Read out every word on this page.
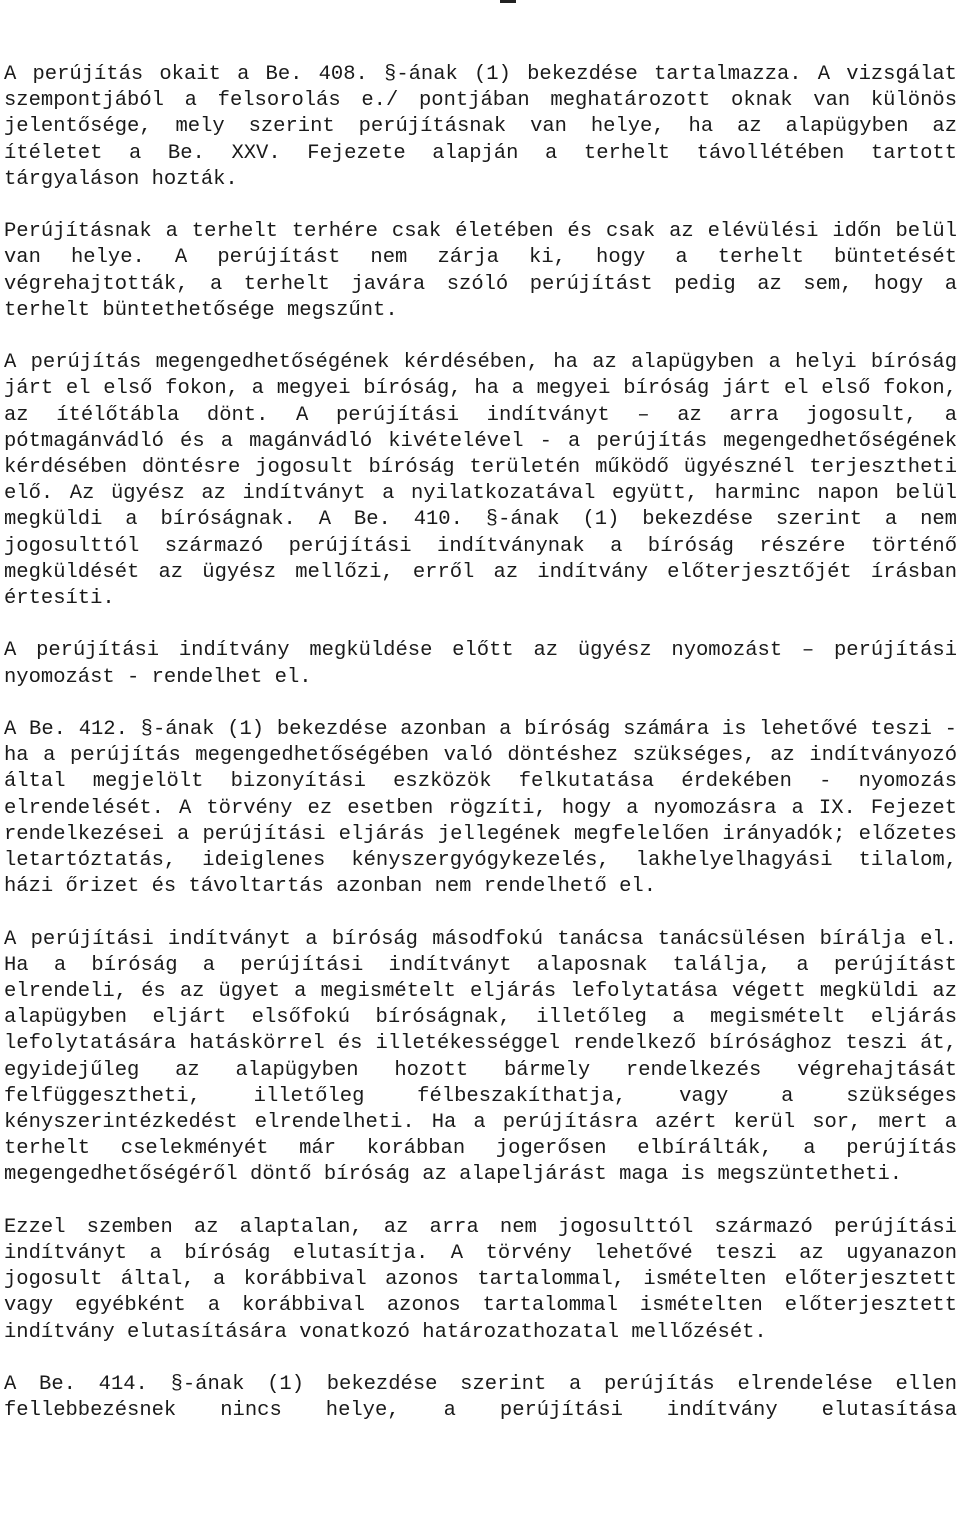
A perújítás okait a Be. 408. §-ának (1) bekezdése tartalmazza. A vizsgálat szempontjából a felsorolás e./ pontjában meghatározott oknak van különös jelentősége, mely szerint perújításnak van helye, ha az alapügyben az ítéletet a Be. XXV. Fejezete alapján a terhelt távollétében tartott tárgyaláson hozták.

Perújításnak a terhelt terhére csak életében és csak az elévülési időn belül van helye. A perújítást nem zárja ki, hogy a terhelt büntetését végrehajtották, a terhelt javára szóló perújítást pedig az sem, hogy a terhelt büntethetősége megszűnt.

A perújítás megengedhetőségének kérdésében, ha az alapügyben a helyi bíróság járt el első fokon, a megyei bíróság, ha a megyei bíróság járt el első fokon, az ítélőtábla dönt. A perújítási indítványt – az arra jogosult, a pótmagánvádló és a magánvádló kivételével - a perújítás megengedhetőségének kérdésében döntésre jogosult bíróság területén működő ügyésznél terjesztheti elő. Az ügyész az indítványt a nyilatkozatával együtt, harminc napon belül megküldi a bíróságnak. A Be. 410. §-ának (1) bekezdése szerint a nem jogosulttól származó perújítási indítványnak a bíróság részére történő megküldését az ügyész mellőzi, erről az indítvány előterjesztőjét írásban értesíti.

A perújítási indítvány megküldése előtt az ügyész nyomozást – perújítási nyomozást - rendelhet el.

A Be. 412. §-ának (1) bekezdése azonban a bíróság számára is lehetővé teszi - ha a perújítás megengedhetőségében való döntéshez szükséges, az indítványozó által megjelölt bizonyítási eszközök felkutatása érdekében - nyomozás elrendelését. A törvény ez esetben rögzíti, hogy a nyomozásra a IX. Fejezet rendelkezései a perújítási eljárás jellegének megfelelően irányadók; előzetes letartóztatás, ideiglenes kényszergyógykezelés, lakhelyelhagyási tilalom, házi őrizet és távoltartás azonban nem rendelhető el.

A perújítási indítványt a bíróság másodfokú tanácsa tanácsülésen bírálja el. Ha a bíróság a perújítási indítványt alaposnak találja, a perújítást elrendeli, és az ügyet a megismételt eljárás lefolytatása végett megküldi az alapügyben eljárt elsőfokú bíróságnak, illetőleg a megismételt eljárás lefolytatására hatáskörrel és illetékességgel rendelkező bírósághoz teszi át, egyidejűleg az alapügyben hozott bármely rendelkezés végrehajtását felfüggesztheti, illetőleg félbeszakíthatja, vagy a szükséges kényszerintézkedést elrendelheti. Ha a perújításra azért kerül sor, mert a terhelt cselekményét már korábban jogerősen elbírálták, a perújítás megengedhetőségéről döntő bíróság az alapeljárást maga is megszüntetheti.

Ezzel szemben az alaptalan, az arra nem jogosulttól származó perújítási indítványt a bíróság elutasítja. A törvény lehetővé teszi az ugyanazon jogosult által, a korábbival azonos tartalommal, ismételten előterjesztett vagy egyébként a korábbival azonos tartalommal ismételten előterjesztett indítvány elutasítására vonatkozó határozathozatal mellőzését.

A Be. 414. §-ának (1) bekezdése szerint a perújítás elrendelése ellen fellebbezésnek nincs helye, a perújítási indítvány elutasítása
